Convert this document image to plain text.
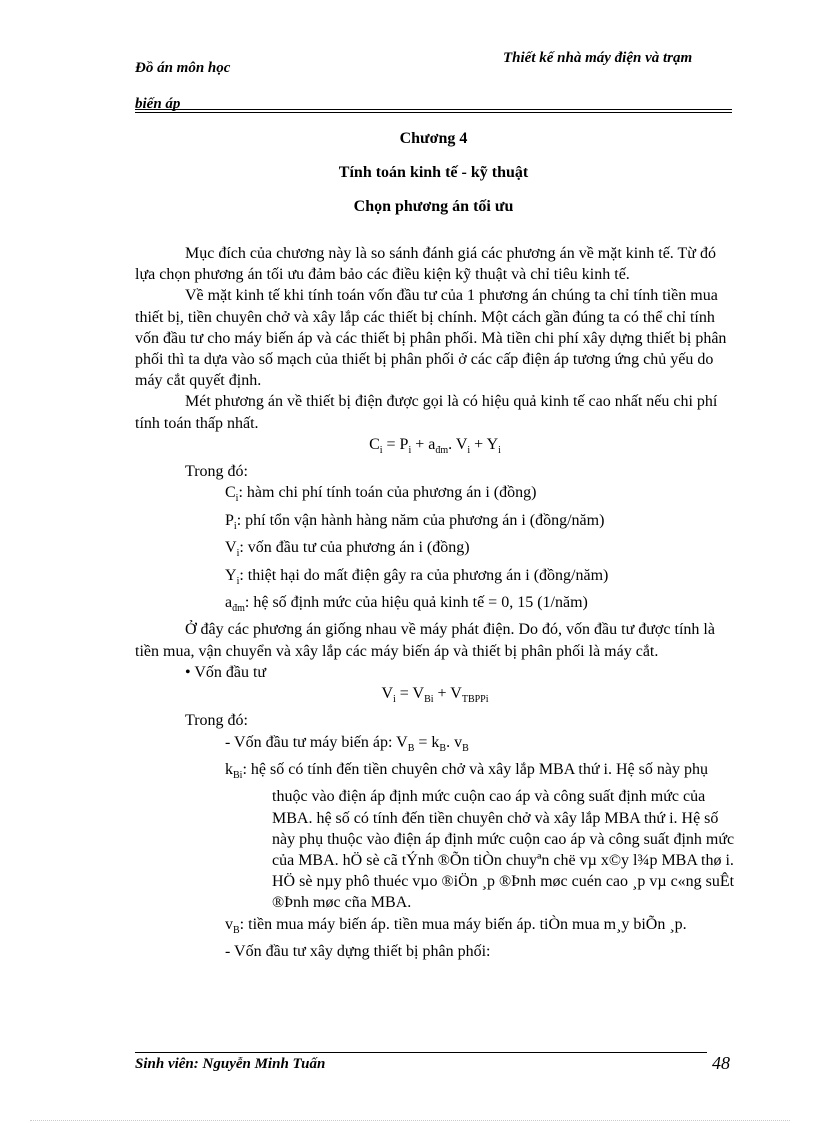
Đồ án môn học
biến áp
Thiết kế nhà máy điện và trạm
Chương 4
Tính toán kinh tế - kỹ thuật
Chọn phương án tối ưu

Mục đích của chương này là so sánh đánh giá các phương án về mặt kinh tế. Từ đó lựa chọn phương án tối ưu đảm bảo các điều kiện kỹ thuật và chỉ tiêu kinh tế.

Về mặt kinh tế khi tính toán vốn đầu tư của 1 phương án chúng ta chỉ tính tiền mua thiết bị, tiền chuyên chở và xây lắp các thiết bị chính. Một cách gần đúng ta có thể chỉ tính vốn đầu tư cho máy biến áp và các thiết bị phân phối. Mà tiền chi phí xây dựng thiết bị phân phối thì ta dựa vào số mạch của thiết bị phân phối ở các cấp điện áp tương ứng chủ yếu do máy cắt quyết định.

Mét phương án về thiết bị điện được gọi là có hiệu quả kinh tế cao nhất nếu chi phí tính toán thấp nhất.

$C_i = P_i + a_{đm}$. $V_i + Y_i$

Trong đó:

$C_i$: hàm chi phí tính toán của phương án i (đồng)

$P_i$: phí tổn vận hành hàng năm của phương án i (đồng/năm)

$V_i$: vốn đầu tư của phương án i (đồng)

$Y_i$: thiệt hại do mất điện gây ra của phương án i (đồng/năm)

$a_{đm}$: hệ số định mức của hiệu quả kinh tế = 0, 15 (1/năm)

Ở đây các phương án giống nhau về máy phát điện. Do đó, vốn đầu tư được tính là tiền mua, vận chuyển và xây lắp các máy biến áp và thiết bị phân phối là máy cắt.

• Vốn đầu tư

$V_i = V_{Bi} + V_{TBPPi}$

Trong đó:

- Vốn đầu tư máy biến áp: $V_B = k_B$. $v_B$

$k_{Bi}$: hệ số có tính đến tiền chuyên chở và xây lắp MBA thứ i. Hệ số này phụ thuộc vào điện áp định mức cuộn cao áp và công suất định mức của MBA. hệ số có tính đến tiền chuyên chở và xây lắp MBA thứ i. Hệ số này phụ thuộc vào điện áp định mức cuộn cao áp và công suất định mức của MBA. hÖ sè cã tÝnh ®Õn tiÒn chuyªn chë vµ x©y l¾p MBA thø i. HÖ sè nµy phô thuéc vµo ®iÖn ¸p ®Þnh møc cuén cao ¸p vµ c«ng suÊt ®Þnh møc cña MBA.

$v_B$: tiền mua máy biến áp. tiền mua máy biến áp. tiÒn mua m¸y biÕn ¸p.

- Vốn đầu tư xây dựng thiết bị phân phối:

Sinh viên: Nguyễn Minh Tuấn	48
